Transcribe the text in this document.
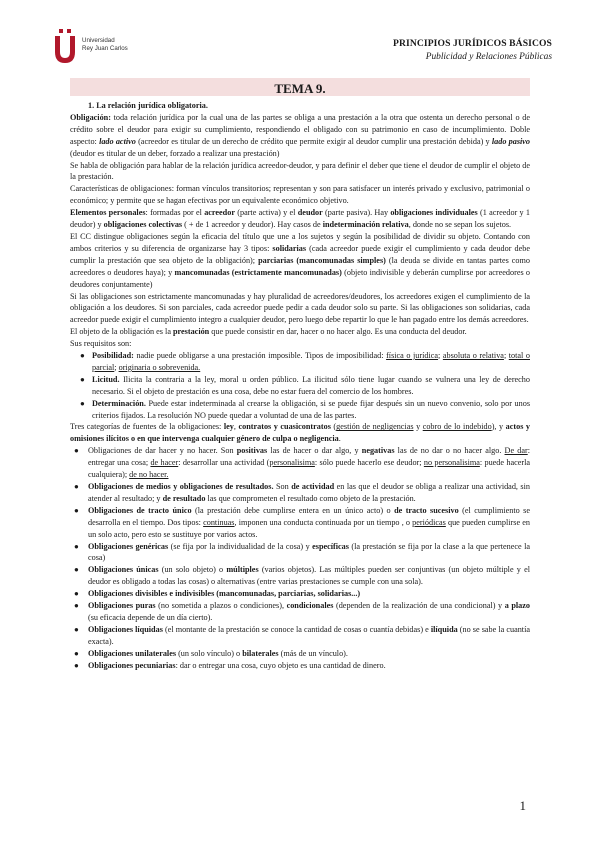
Universidad
Rey Juan Carlos	PRINCIPIOS JURÍDICOS BÁSICOS
Publicidad y Relaciones Públicas
TEMA 9.

1. La relación jurídica obligatoria.

Obligación: toda relación jurídica por la cual una de las partes se obliga a una prestación a la otra que ostenta un derecho personal o de crédito sobre el deudor para exigir su cumplimiento, respondiendo el obligado con su patrimonio en caso de incumplimiento. Doble aspecto: lado activo (acreedor es titular de un derecho de crédito que permite exigir al deudor cumplir una prestación debida) y lado pasivo (deudor es titular de un deber, forzado a realizar una prestación)

Se habla de obligación para hablar de la relación jurídica acreedor-deudor, y para definir el deber que tiene el deudor de cumplir el objeto de la prestación.

Características de obligaciones: forman vínculos transitorios; representan y son para satisfacer un interés privado y exclusivo, patrimonial o económico; y permite que se hagan efectivas por un equivalente económico objetivo.

Elementos personales: formadas por el acreedor (parte activa) y el deudor (parte pasiva). Hay obligaciones individuales (1 acreedor y 1 deudor) y obligaciones colectivas ( + de 1 acreedor y deudor). Hay casos de indeterminación relativa, donde no se sepan los sujetos.

El CC distingue obligaciones según la eficacia del título que une a los sujetos y según la posibilidad de dividir su objeto. Contando con ambos criterios y su diferencia de organizarse hay 3 tipos: solidarias (cada acreedor puede exigir el cumplimiento y cada deudor debe cumplir la prestación que sea objeto de la obligación); parciarias (mancomunadas simples) (la deuda se divide en tantas partes como acreedores o deudores haya); y mancomunadas (estrictamente mancomunadas) (objeto indivisible y deberán cumplirse por acreedores o deudores conjuntamente)

Si las obligaciones son estrictamente mancomunadas y hay pluralidad de acreedores/deudores, los acreedores exigen el cumplimiento de la obligación a los deudores. Si son parciales, cada acreedor puede pedir a cada deudor solo su parte. Si las obligaciones son solidarias, cada acreedor puede exigir el cumplimiento integro a cualquier deudor, pero luego debe repartir lo que le han pagado entre los demás acreedores.

El objeto de la obligación es la prestación que puede consistir en dar, hacer o no hacer algo. Es una conducta del deudor.

Sus requisitos son:

● Posibilidad: nadie puede obligarse a una prestación imposible. Tipos de imposibilidad: física o jurídica; absoluta o relativa; total o parcial; originaria o sobrevenida.
● Licitud. Ilicita la contraria a la ley, moral u orden público. La ilicitud sólo tiene lugar cuando se vulnera una ley de derecho necesario. Si el objeto de prestación es una cosa, debe no estar fuera del comercio de los hombres.
● Determinación. Puede estar indeterminada al crearse la obligación, si se puede fijar después sin un nuevo convenio, solo por unos criterios fijados. La resolución NO puede quedar a voluntad de una de las partes.

Tres categorías de fuentes de la obligaciones: ley, contratos y cuasicontratos (gestión de negligencias y cobro de lo indebido), y actos y omisiones ilícitos o en que intervenga cualquier género de culpa o negligencia.

● Obligaciones de dar hacer y no hacer. Son positivas las de hacer o dar algo, y negativas las de no dar o no hacer algo. De dar: entregar una cosa; de hacer: desarrollar una actividad (personalisima: sólo puede hacerlo ese deudor; no personalisima: puede hacerla cualquiera); de no hacer.
● Obligaciones de medios y obligaciones de resultados. Son de actividad en las que el deudor se obliga a realizar una actividad, sin atender al resultado; y de resultado las que comprometen el resultado como objeto de la prestación.
● Obligaciones de tracto único (la prestación debe cumplirse entera en un único acto) o de tracto sucesivo (el cumplimiento se desarrolla en el tiempo. Dos tipos: continuas, imponen una conducta continuada por un tiempo , o periódicas que pueden cumplirse en un solo acto, pero esto se sustituye por varios actos.
● Obligaciones genéricas (se fija por la individualidad de la cosa) y específicas (la prestación se fija por la clase a la que pertenece la cosa)
● Obligaciones únicas (un solo objeto) o múltiples (varios objetos). Las múltiples pueden ser conjuntivas (un objeto múltiple y el deudor es obligado a todas las cosas) o alternativas (entre varias prestaciones se cumple con una sola).
● Obligaciones divisibles e indivisibles (mancomunadas, parciarias, solidarias...)
● Obligaciones puras (no sometida a plazos o condiciones), condicionales (dependen de la realización de una condicional) y a plazo (su eficacia depende de un día cierto).
● Obligaciones líquidas (el montante de la prestación se conoce la cantidad de cosas o cuantía debidas) e ilíquida (no se sabe la cuantía exacta).
● Obligaciones unilaterales (un solo vínculo) o bilaterales (más de un vínculo).
● Obligaciones pecuniarias: dar o entregar una cosa, cuyo objeto es una cantidad de dinero.
1
